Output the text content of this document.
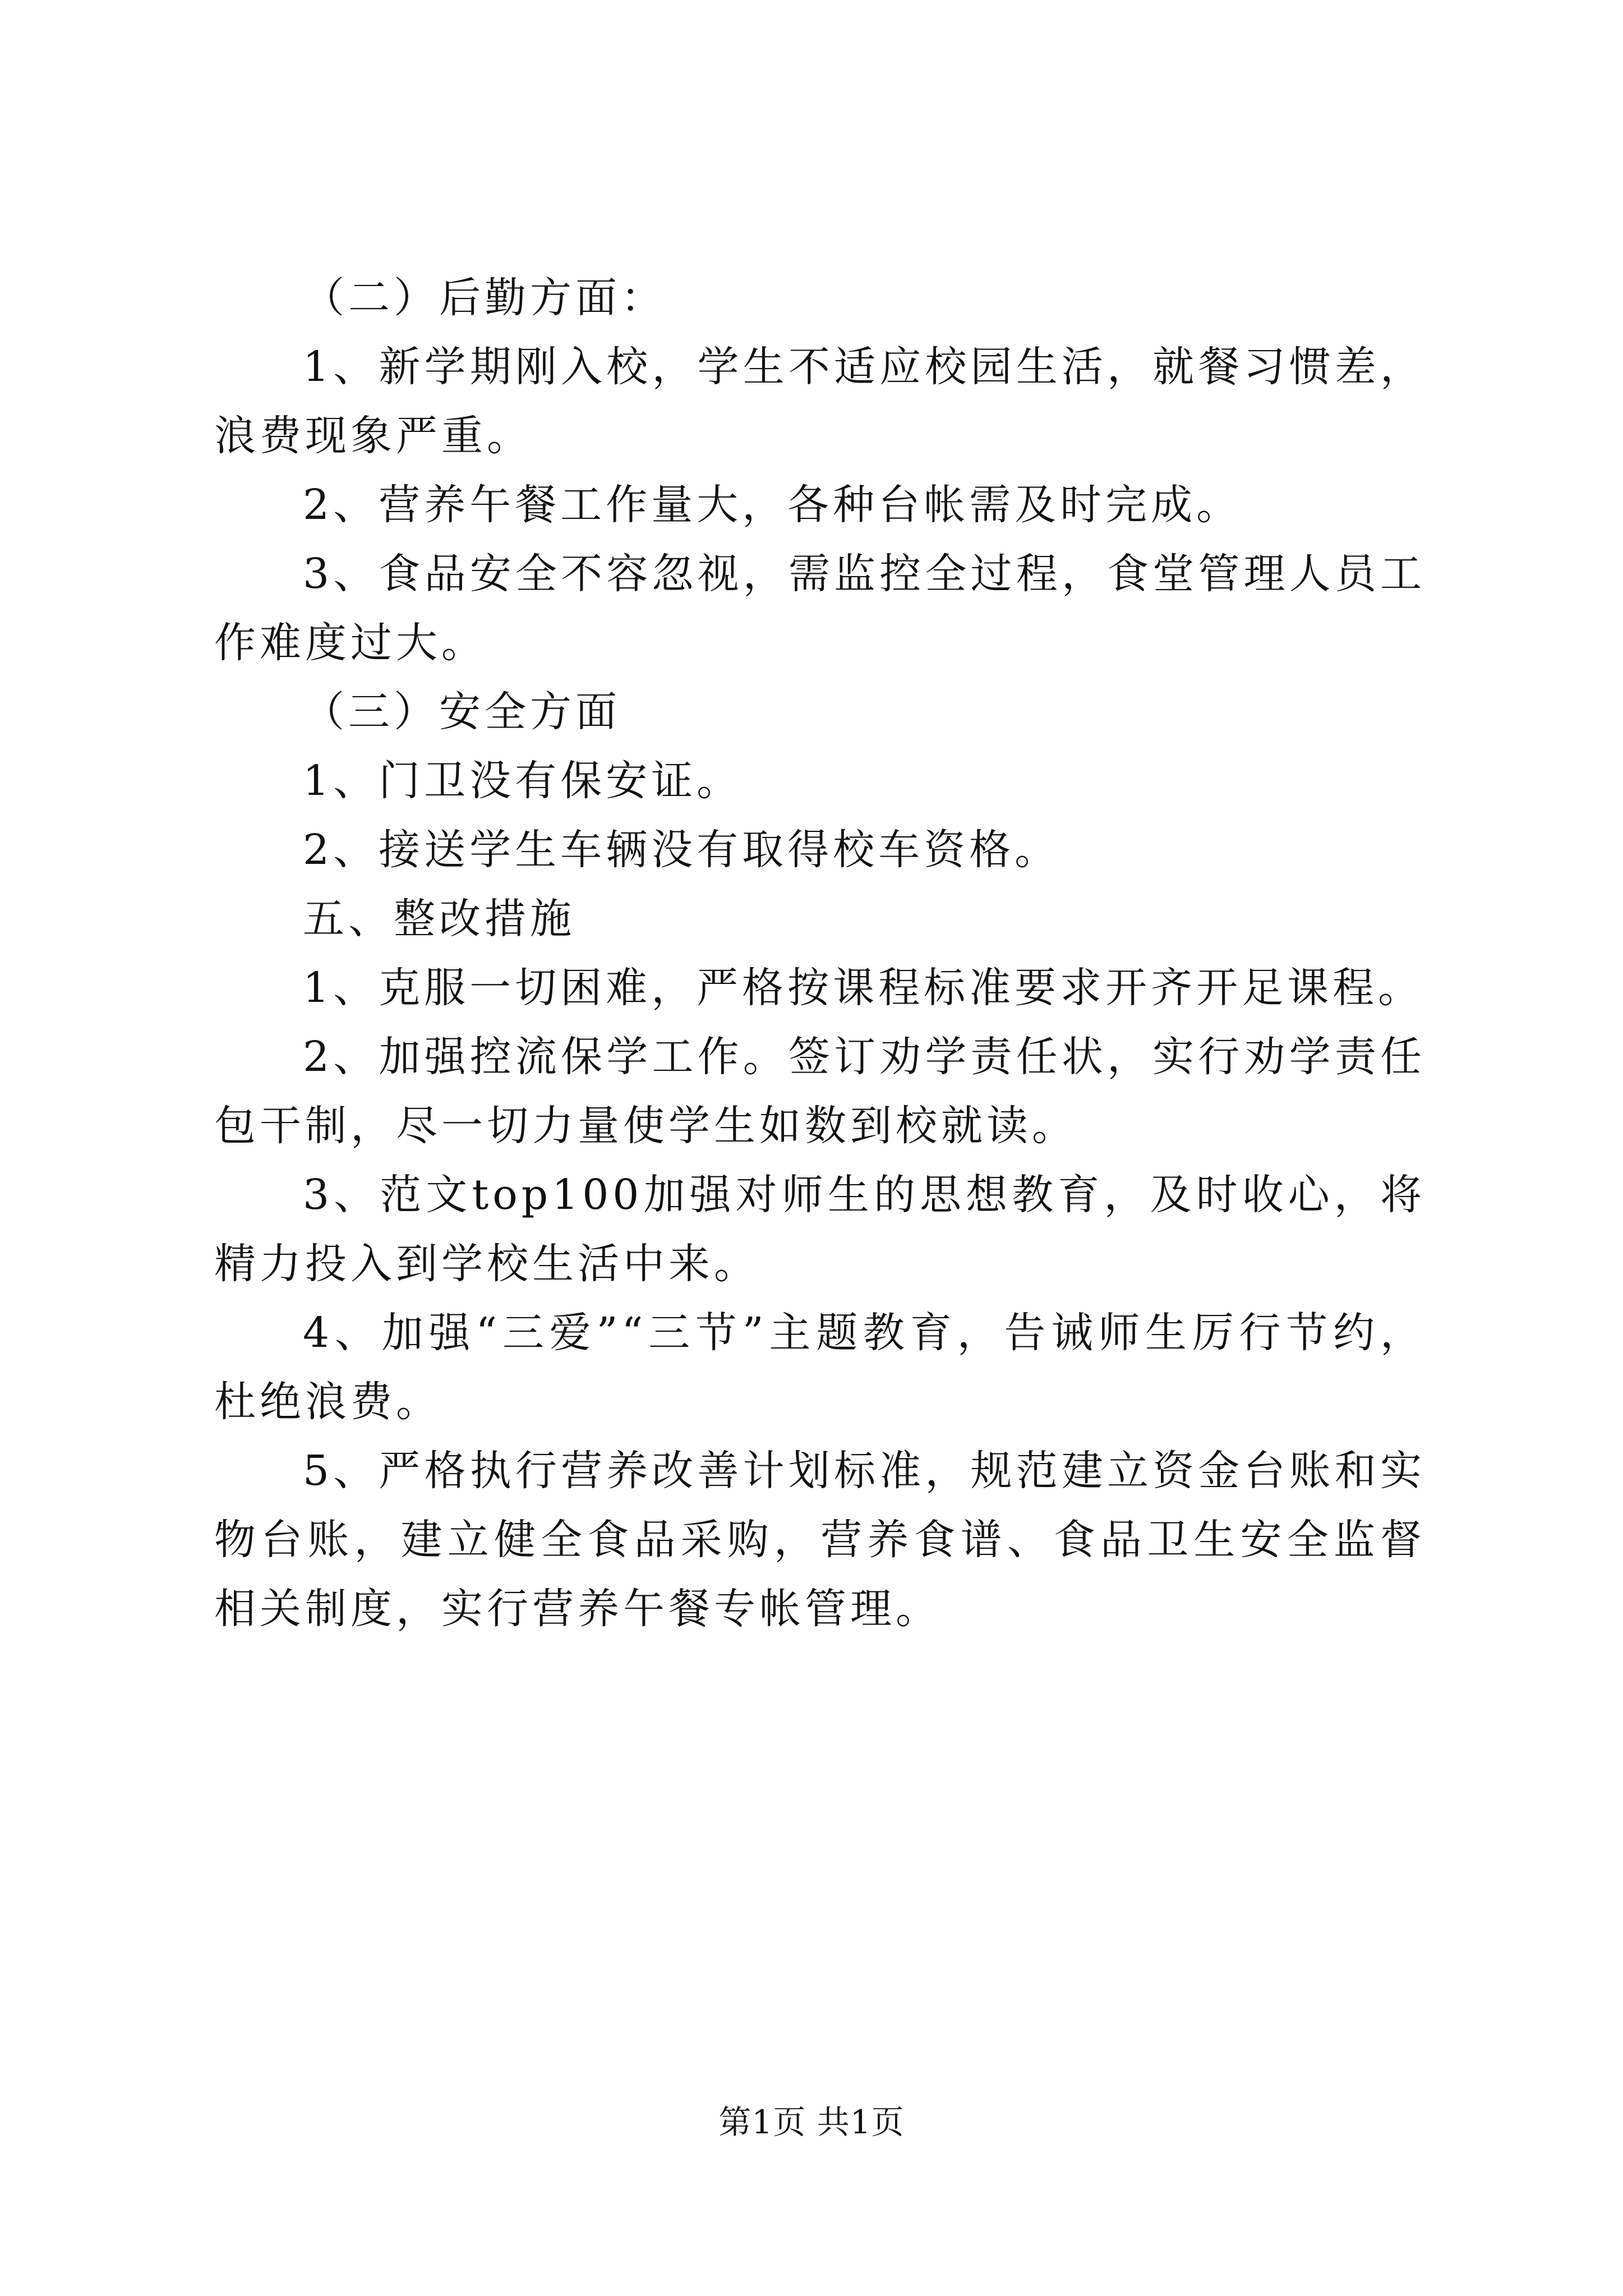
（二）后勤方面：

1、新学期刚入校，学生不适应校园生活，就餐习惯差，浪费现象严重。

2、营养午餐工作量大，各种台帐需及时完成。

3、食品安全不容忽视，需监控全过程，食堂管理人员工作难度过大。

（三）安全方面

1、门卫没有保安证。

2、接送学生车辆没有取得校车资格。

五、整改措施

1、克服一切困难，严格按课程标准要求开齐开足课程。

2、加强控流保学工作。签订劝学责任状，实行劝学责任包干制，尽一切力量使学生如数到校就读。

3、范文top100加强对师生的思想教育，及时收心，将精力投入到学校生活中来。

4、加强“三爱”“三节”主题教育，告诫师生厉行节约，杜绝浪费。

5、严格执行营养改善计划标准，规范建立资金台账和实物台账，建立健全食品采购，营养食谱、食品卫生安全监督相关制度，实行营养午餐专帐管理。

第1页 共1页
